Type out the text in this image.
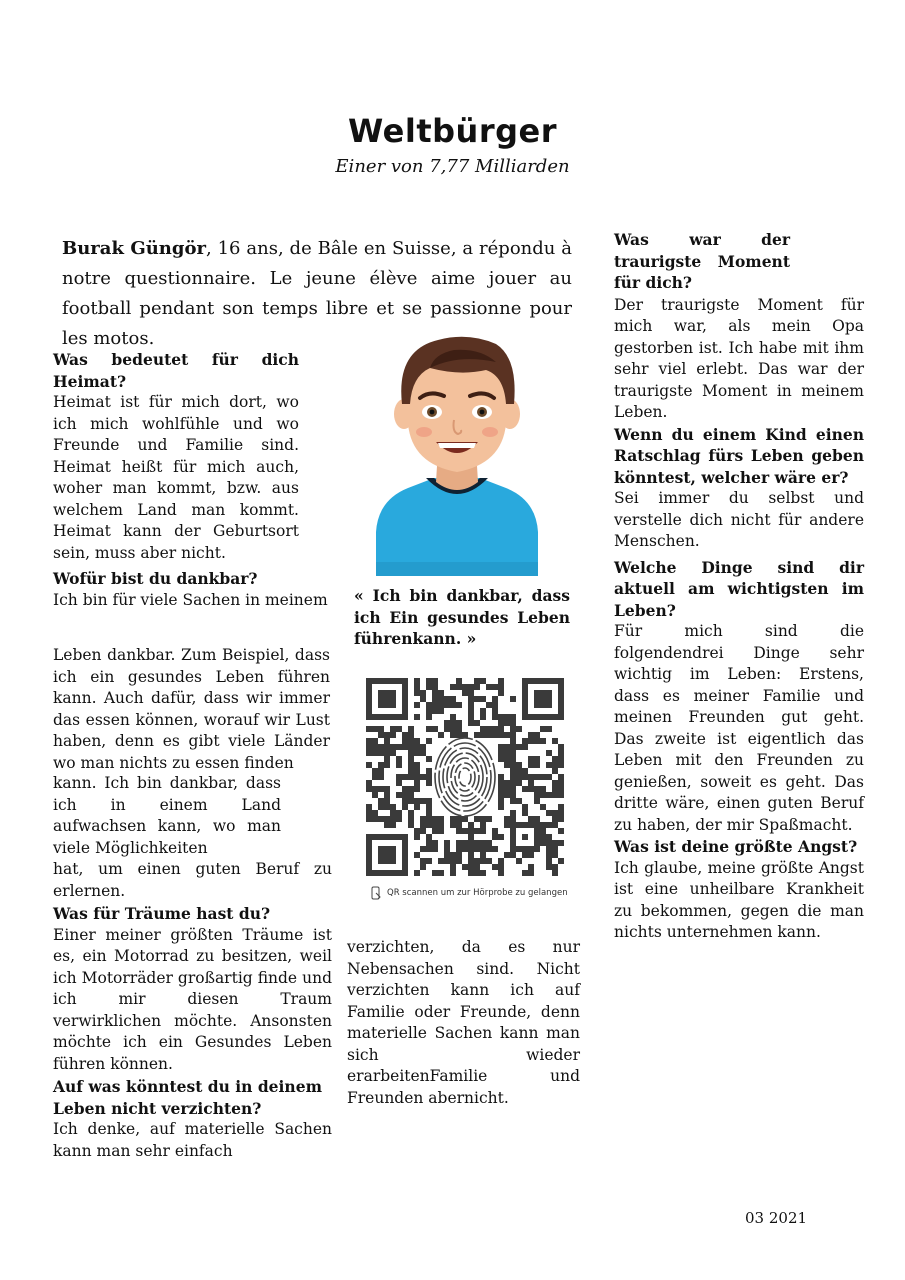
Weltbürger
Einer von 7,77 Milliarden
Burak Güngör, 16 ans, de Bâle en Suisse, a répondu à notre questionnaire. Le jeune élève aime jouer au football pendant son temps libre et se passionne pour les motos.

Was bedeutet für dich Heimat?

Heimat ist für mich dort, wo ich mich wohlfühle und wo Freunde und Familie sind. Heimat heißt für mich auch, woher man kommt, bzw. aus welchem Land man kommt. Heimat kann der Geburtsort sein, muss aber nicht.

Wofür bist du dankbar?

Ich bin für viele Sachen in meinem

Leben dankbar. Zum Beispiel, dass ich ein gesundes Leben führen kann. Auch dafür, dass wir immer das essen können, worauf wir Lust haben, denn es gibt viele Länder wo man nichts zu essen finden

kann. Ich bin dankbar, dass ich in einem Land aufwachsen kann, wo man viele Möglichkeiten

hat, um einen guten Beruf zu erlernen.

Was für Träume hast du?

Einer meiner größten Träume ist es, ein Motorrad zu besitzen, weil ich Motorräder großartig finde und ich mir diesen Traum verwirklichen möchte. Ansonsten möchte ich ein Gesundes Leben führen können.

Auf was könntest du in deinem Leben nicht verzichten?

Ich denke, auf materielle Sachen kann man sehr einfach

« Ich bin dankbar, dass ich Ein gesundes Leben führenkann. »
QR scannen um zur Hörprobe zu gelangen

verzichten, da es nur Nebensachen sind. Nicht verzichten kann ich auf Familie oder Freunde, denn materielle Sachen kann man sich wieder erarbeitenFamilie und Freunden abernicht.

Was war der traurigste Moment für dich?

Der traurigste Moment für mich war, als mein Opa gestorben ist. Ich habe mit ihm sehr viel erlebt. Das war der traurigste Moment in meinem Leben.

Wenn du einem Kind einen Ratschlag fürs Leben geben könntest, welcher wäre er?

Sei immer du selbst und verstelle dich nicht für andere Menschen.

Welche Dinge sind dir aktuell am wichtigsten im Leben?

Für mich sind die folgendendrei Dinge sehr wichtig im Leben: Erstens, dass es meiner Familie und meinen Freunden gut geht. Das zweite ist eigentlich das Leben mit den Freunden zu genießen, soweit es geht. Das dritte wäre, einen guten Beruf zu haben, der mir Spaßmacht.

Was ist deine größte Angst?

Ich glaube, meine größte Angst ist eine unheilbare Krankheit zu bekommen, gegen die man nichts unternehmen kann.

03 2021
